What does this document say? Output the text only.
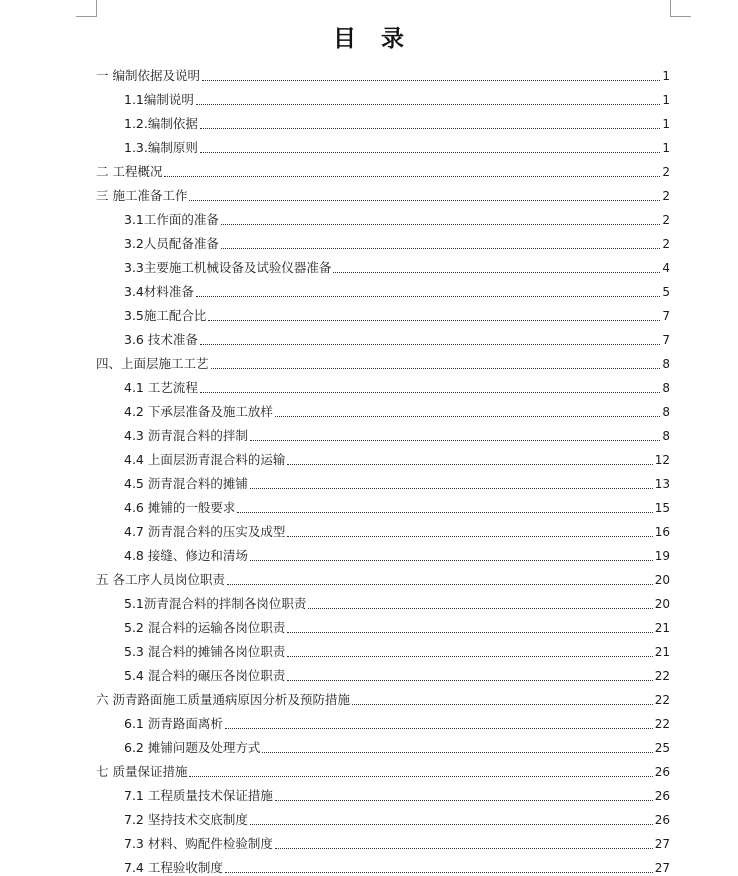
目　录
一 编制依据及说明	1
1.1编制说明	1
1.2.编制依据	1
1.3.编制原则	1
二 工程概况	2
三 施工准备工作	2
3.1工作面的准备	2
3.2人员配备准备	2
3.3主要施工机械设备及试验仪器准备	4
3.4材料准备	5
3.5施工配合比	7
3.6 技术准备	7
四、上面层施工工艺	8
4.1 工艺流程	8
4.2 下承层准备及施工放样	8
4.3 沥青混合料的拌制	8
4.4 上面层沥青混合料的运输	12
4.5 沥青混合料的摊铺	13
4.6 摊铺的一般要求	15
4.7 沥青混合料的压实及成型	16
4.8 接缝、修边和清场	19
五 各工序人员岗位职责	20
5.1沥青混合料的拌制各岗位职责	20
5.2 混合料的运输各岗位职责	21
5.3 混合料的摊铺各岗位职责	21
5.4 混合料的碾压各岗位职责	22
六 沥青路面施工质量通病原因分析及预防措施	22
6.1 沥青路面离析	22
6.2 摊铺问题及处理方式	25
七 质量保证措施	26
7.1 工程质量技术保证措施	26
7.2 坚持技术交底制度	26
7.3 材料、购配件检验制度	27
7.4 工程验收制度	27
